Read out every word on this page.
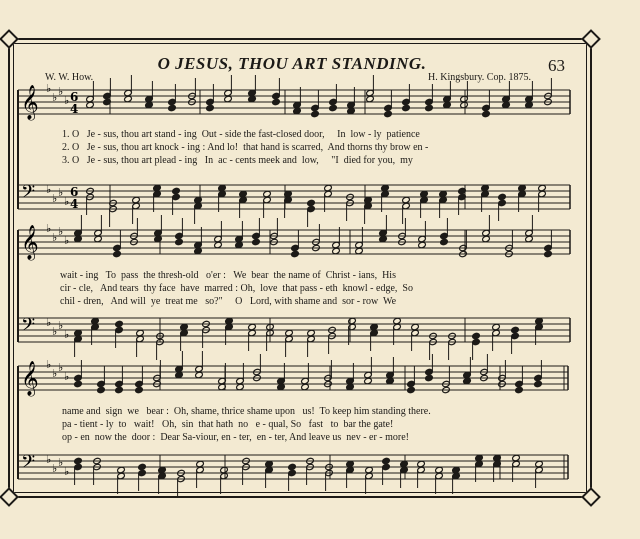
O JESUS, THOU ART STANDING.	63
W. W. How.	H. Kingsbury. Cop. 1875.
𝄞 ♭
♭ ♭
♭ 6
4
𝄢 ♭
♭ ♭
♭
6
4
𝄞 ♭
♭ ♭
♭
𝄢 ♭
♭ ♭
♭
𝄞 ♭
♭ ♭
♭
𝄢 ♭
♭ ♭
♭
1. O   Je - sus, thou art stand - ing  Out - side the fast-closed door,     In  low - ly  patience
2. O   Je - sus, thou art knock - ing : And lo!  that hand is scarred,  And thorns thy brow en -
3. O   Je - sus, thou art plead - ing   In  ac - cents meek and  low,     "I  died for you,  my
wait - ing   To  pass  the thresh-old   o'er :   We  bear  the name of  Christ - ians,  His
cir - cle,   And tears  thy face  have  marred : Oh,  love  that pass - eth  knowl - edge,  So
chil - dren,   And will  ye  treat me   so?"     O   Lord, with shame and  sor - row  We
name and  sign  we   bear :  Oh, shame, thrice shame upon   us!  To keep him standing there.
pa - tient - ly  to   wait!   Oh,  sin  that hath  no   e - qual, So   fast   to  bar the gate!
op - en  now the  door :  Dear Sa-viour, en - ter,  en - ter, And leave us  nev - er - more!
